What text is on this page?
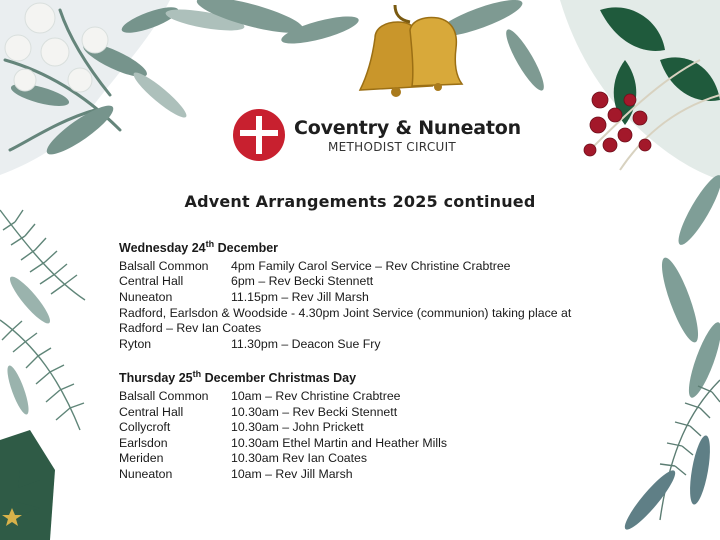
Coventry & Nuneaton
METHODIST CIRCUIT
Advent Arrangements 2025 continued
Wednesday 24th December
Balsall Common	4pm Family Carol Service – Rev Christine Crabtree
Central Hall	6pm – Rev Becki Stennett
Nuneaton	11.15pm – Rev Jill Marsh
Radford, Earlsdon & Woodside - 4.30pm Joint Service (communion) taking place at Radford – Rev Ian Coates
Ryton	11.30pm – Deacon Sue Fry
Thursday 25th December Christmas Day
Balsall Common	10am – Rev Christine Crabtree
Central Hall	10.30am – Rev Becki Stennett
Collycroft	10.30am – John Prickett
Earlsdon	10.30am Ethel Martin and Heather Mills
Meriden	10.30am Rev Ian Coates
Nuneaton	10am – Rev Jill Marsh
